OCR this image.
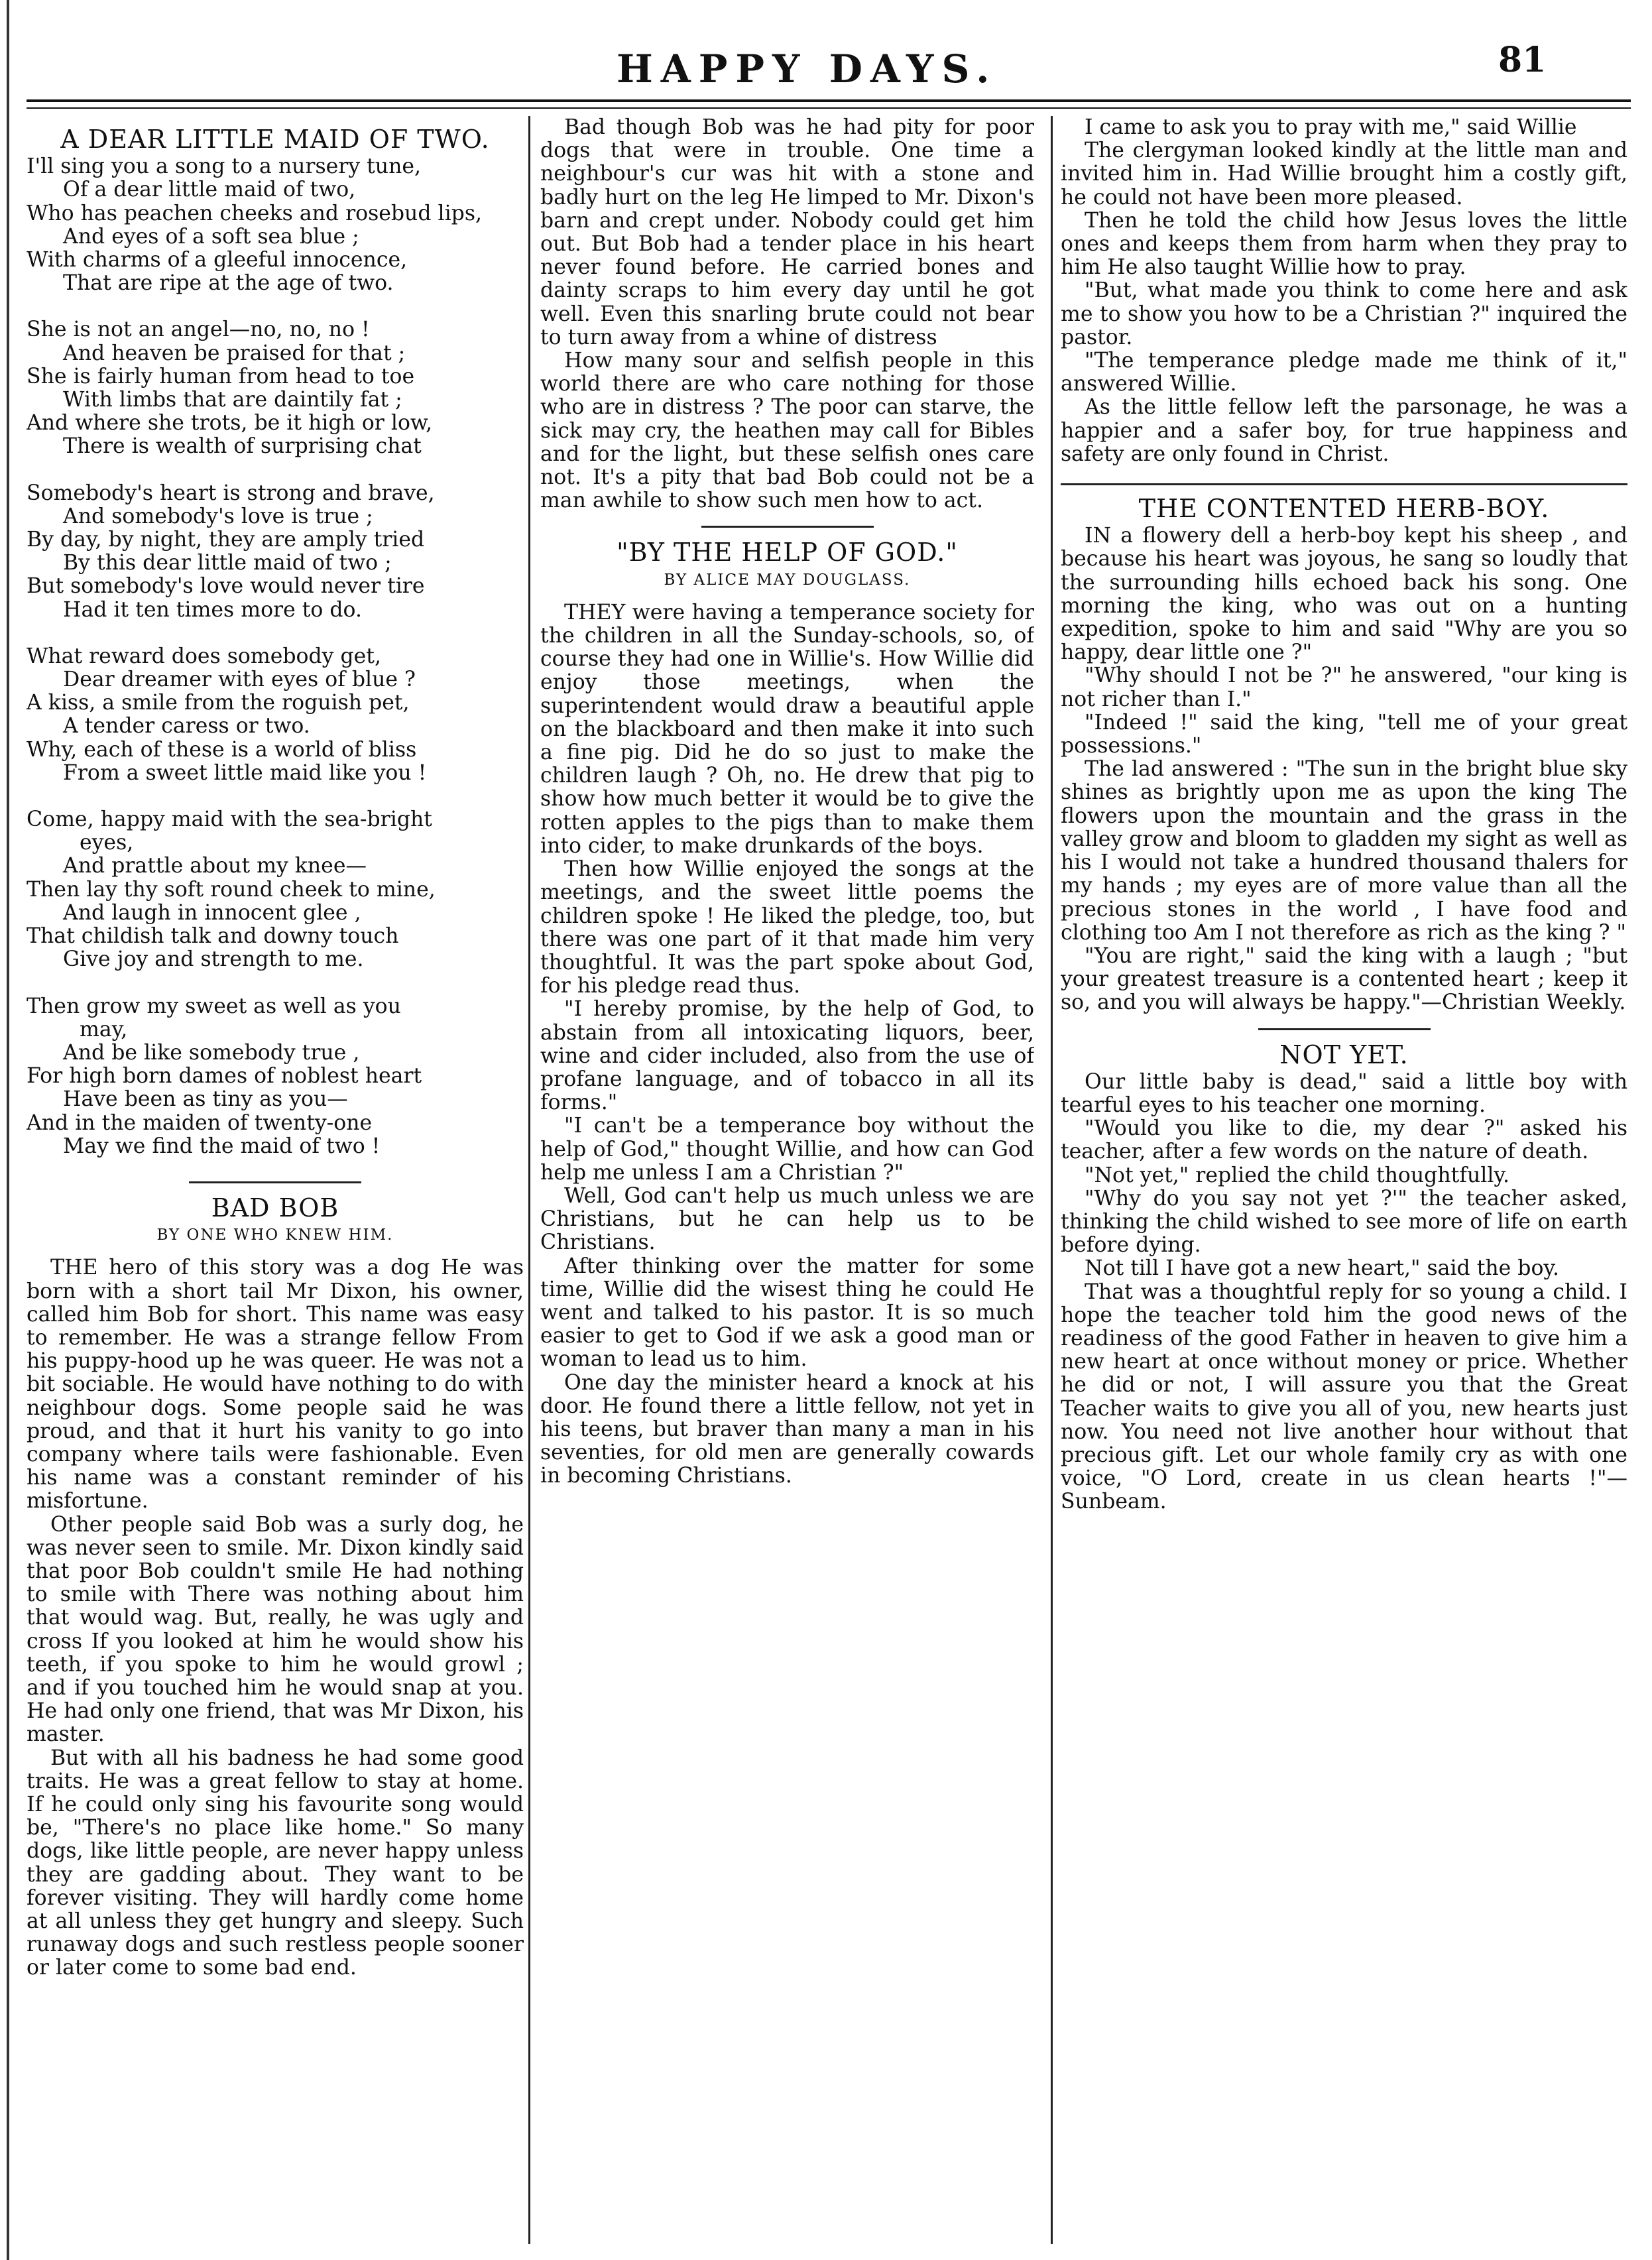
HAPPY DAYS.	81
A DEAR LITTLE MAID OF TWO.

I'll sing you a song to a nursery tune,

Of a dear little maid of two,

Who has peachen cheeks and rosebud lips,

And eyes of a soft sea blue ;

With charms of a gleeful innocence,

That are ripe at the age of two.

She is not an angel—no, no, no !

And heaven be praised for that ;

She is fairly human from head to toe

With limbs that are daintily fat ;

And where she trots, be it high or low,

There is wealth of surprising chat

Somebody's heart is strong and brave,

And somebody's love is true ;

By day, by night, they are amply tried

By this dear little maid of two ;

But somebody's love would never tire

Had it ten times more to do.

What reward does somebody get,

Dear dreamer with eyes of blue ?

A kiss, a smile from the roguish pet,

A tender caress or two.

Why, each of these is a world of bliss

From a sweet little maid like you !

Come, happy maid with the sea-bright

eyes,

And prattle about my knee—

Then lay thy soft round cheek to mine,

And laugh in innocent glee ,

That childish talk and downy touch

Give joy and strength to me.

Then grow my sweet as well as you

may,

And be like somebody true ,

For high born dames of noblest heart

Have been as tiny as you—

And in the maiden of twenty-one

May we find the maid of two !

BAD BOB
BY ONE WHO KNEW HIM.

THE hero of this story was a dog He was born with a short tail Mr Dixon, his owner, called him Bob for short. This name was easy to remember. He was a strange fellow From his puppy-hood up he was queer. He was not a bit sociable. He would have nothing to do with neighbour dogs. Some people said he was proud, and that it hurt his vanity to go into company where tails were fashionable. Even his name was a constant reminder of his misfortune.

Other people said Bob was a surly dog, he was never seen to smile. Mr. Dixon kindly said that poor Bob couldn't smile He had nothing to smile with There was nothing about him that would wag. But, really, he was ugly and cross If you looked at him he would show his teeth, if you spoke to him he would growl ; and if you touched him he would snap at you. He had only one friend, that was Mr Dixon, his master.

But with all his badness he had some good traits. He was a great fellow to stay at home. If he could only sing his favourite song would be, "There's no place like home." So many dogs, like little people, are never happy unless they are gadding about. They want to be forever visiting. They will hardly come home at all unless they get hungry and sleepy. Such runaway dogs and such restless people sooner or later come to some bad end.

Bad though Bob was he had pity for poor dogs that were in trouble. One time a neighbour's cur was hit with a stone and badly hurt on the leg He limped to Mr. Dixon's barn and crept under. Nobody could get him out. But Bob had a tender place in his heart never found before. He carried bones and dainty scraps to him every day until he got well. Even this snarling brute could not bear to turn away from a whine of distress

How many sour and selfish people in this world there are who care nothing for those who are in distress ? The poor can starve, the sick may cry, the heathen may call for Bibles and for the light, but these selfish ones care not. It's a pity that bad Bob could not be a man awhile to show such men how to act.

"BY THE HELP OF GOD."
BY ALICE MAY DOUGLASS.

THEY were having a temperance society for the children in all the Sunday-schools, so, of course they had one in Willie's. How Willie did enjoy those meetings, when the superintendent would draw a beautiful apple on the blackboard and then make it into such a fine pig. Did he do so just to make the children laugh ? Oh, no. He drew that pig to show how much better it would be to give the rotten apples to the pigs than to make them into cider, to make drunkards of the boys.

Then how Willie enjoyed the songs at the meetings, and the sweet little poems the children spoke ! He liked the pledge, too, but there was one part of it that made him very thoughtful. It was the part spoke about God, for his pledge read thus.

"I hereby promise, by the help of God, to abstain from all intoxicating liquors, beer, wine and cider included, also from the use of profane language, and of tobacco in all its forms."

"I can't be a temperance boy without the help of God," thought Willie, and how can God help me unless I am a Christian ?"

Well, God can't help us much unless we are Christians, but he can help us to be Christians.

After thinking over the matter for some time, Willie did the wisest thing he could He went and talked to his pastor. It is so much easier to get to God if we ask a good man or woman to lead us to him.

One day the minister heard a knock at his door. He found there a little fellow, not yet in his teens, but braver than many a man in his seventies, for old men are generally cowards in becoming Christians.

I came to ask you to pray with me," said Willie

The clergyman looked kindly at the little man and invited him in. Had Willie brought him a costly gift, he could not have been more pleased.

Then he told the child how Jesus loves the little ones and keeps them from harm when they pray to him He also taught Willie how to pray.

"But, what made you think to come here and ask me to show you how to be a Christian ?" inquired the pastor.

"The temperance pledge made me think of it," answered Willie.

As the little fellow left the parsonage, he was a happier and a safer boy, for true happiness and safety are only found in Christ.

THE CONTENTED HERB-BOY.

IN a flowery dell a herb-boy kept his sheep , and because his heart was joyous, he sang so loudly that the surrounding hills echoed back his song. One morning the king, who was out on a hunting expedition, spoke to him and said "Why are you so happy, dear little one ?"

"Why should I not be ?" he answered, "our king is not richer than I."

"Indeed !" said the king, "tell me of your great possessions."

The lad answered : "The sun in the bright blue sky shines as brightly upon me as upon the king The flowers upon the mountain and the grass in the valley grow and bloom to gladden my sight as well as his I would not take a hundred thousand thalers for my hands ; my eyes are of more value than all the precious stones in the world , I have food and clothing too Am I not therefore as rich as the king ? "

"You are right," said the king with a laugh ; "but your greatest treasure is a contented heart ; keep it so, and you will always be happy."—Christian Weekly.

NOT YET.

Our little baby is dead," said a little boy with tearful eyes to his teacher one morning.

"Would you like to die, my dear ?" asked his teacher, after a few words on the nature of death.

"Not yet," replied the child thoughtfully.

"Why do you say not yet ?'" the teacher asked, thinking the child wished to see more of life on earth before dying.

Not till I have got a new heart," said the boy.

That was a thoughtful reply for so young a child. I hope the teacher told him the good news of the readiness of the good Father in heaven to give him a new heart at once without money or price. Whether he did or not, I will assure you that the Great Teacher waits to give you all of you, new hearts just now. You need not live another hour without that precious gift. Let our whole family cry as with one voice, "O Lord, create in us clean hearts !"—Sunbeam.
